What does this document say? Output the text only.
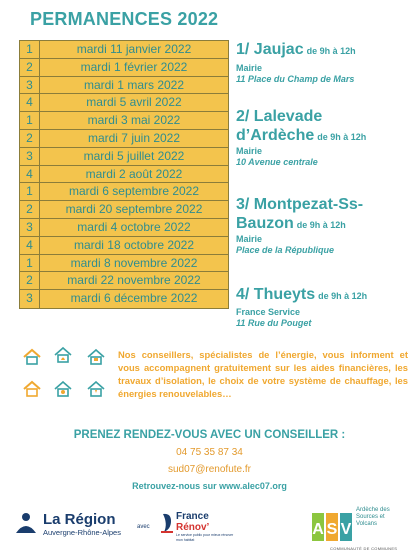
PERMANENCES 2022
1	mardi 11 janvier 2022
2	mardi 1 février 2022
3	mardi 1 mars 2022
4	mardi 5 avril 2022
1	mardi 3 mai 2022
2	mardi 7 juin 2022
3	mardi 5 juillet 2022
4	mardi 2 août 2022
1	mardi 6 septembre 2022
2	mardi 20 septembre 2022
3	mardi 4 octobre 2022
4	mardi 18 octobre 2022
1	mardi 8 novembre 2022
2	mardi 22 novembre 2022
3	mardi 6 décembre 2022
1/ Jaujac de 9h à 12h
Mairie
11 Place du Champ de Mars
2/ Lalevade
d’Ardèche de 9h à 12h
Mairie
10 Avenue centrale
3/ Montpezat-Ss-
Bauzon de 9h à 12h
Mairie
Place de la République
4/ Thueyts de 9h à 12h
France Service
11 Rue du Pouget
Nos conseillers, spécialistes de l’énergie, vous informent et vous accompagnent gratuitement sur les aides financières, les travaux d’isolation, le choix de votre système de chauffage, les énergies renouvelables…
PRENEZ RENDEZ-VOUS AVEC UN CONSEILLER :
04 75 35 87 34
sud07@renofute.fr
Retrouvez-nous sur www.alec07.org
La Région
Auvergne-Rhône-Alpes
avec
France
Rénov’
Le service public pour mieux rénover mon habitat
A S V
Ardèche des
Sources et
Volcans
COMMUNAUTÉ DE COMMUNES
